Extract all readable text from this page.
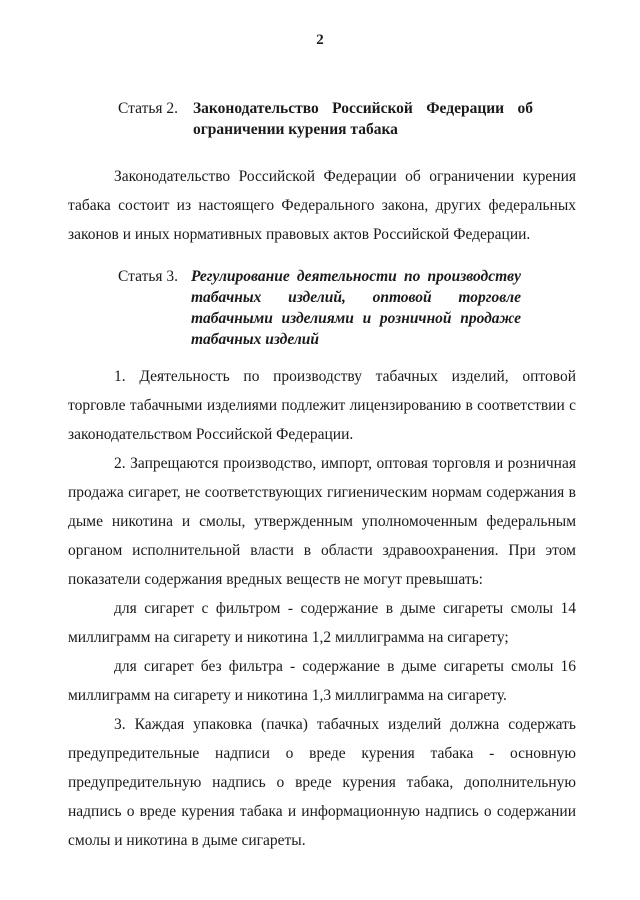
2
Статья 2. Законодательство Российской Федерации об ограничении курения табака

Законодательство Российской Федерации об ограничении курения табака состоит из настоящего Федерального закона, других федеральных законов и иных нормативных правовых актов Российской Федерации.

Статья 3. Регулирование деятельности по производству табачных изделий, оптовой торговле табачными изделиями и розничной продаже табачных изделий

1. Деятельность по производству табачных изделий, оптовой торговле табачными изделиями подлежит лицензированию в соответствии с законодательством Российской Федерации.

2. Запрещаются производство, импорт, оптовая торговля и розничная продажа сигарет, не соответствующих гигиеническим нормам содержания в дыме никотина и смолы, утвержденным уполномоченным федеральным органом исполнительной власти в области здравоохранения. При этом показатели содержания вредных веществ не могут превышать:

для сигарет с фильтром - содержание в дыме сигареты смолы 14 миллиграмм на сигарету и никотина 1,2 миллиграмма на сигарету;

для сигарет без фильтра - содержание в дыме сигареты смолы 16 миллиграмм на сигарету и никотина 1,3 миллиграмма на сигарету.

3. Каждая упаковка (пачка) табачных изделий должна содержать предупредительные надписи о вреде курения табака - основную предупредительную надпись о вреде курения табака, дополнительную надпись о вреде курения табака и информационную надпись о содержании смолы и никотина в дыме сигареты.
